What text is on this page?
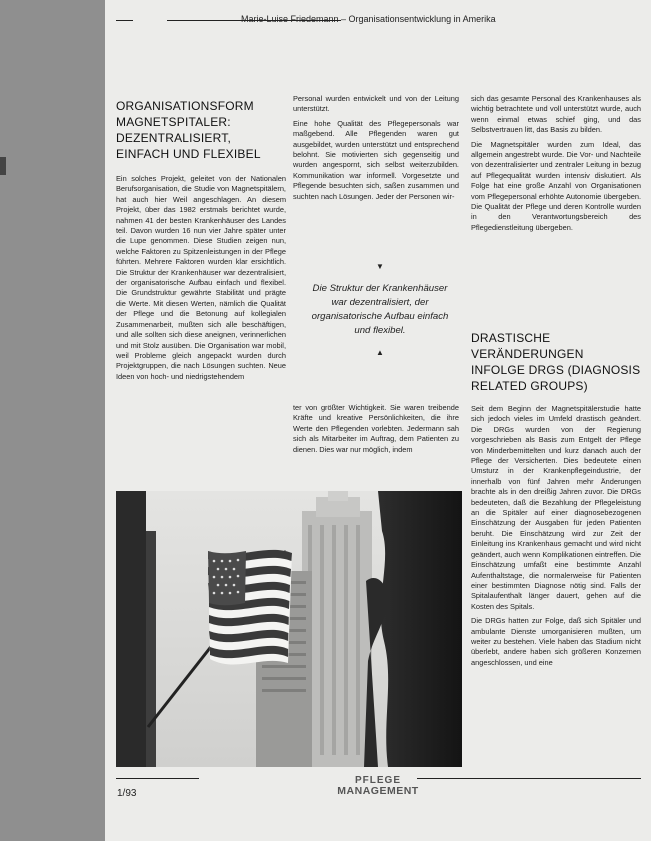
Marie-Luise Friedemann – Organisationsentwicklung in Amerika
ORGANISATIONSFORM MAGNETSPITALER: DEZENTRALISIERT, EINFACH UND FLEXIBEL

Ein solches Projekt, geleitet von der Nationalen Berufsorganisation, die Studie von Magnetspitälern, hat auch hier Weil angeschlagen. An diesem Projekt, über das 1982 erstmals berichtet wurde, nahmen 41 der besten Krankenhäuser des Landes teil. Davon wurden 16 nun vier Jahre später unter die Lupe genommen. Diese Studien zeigen nun, welche Faktoren zu Spitzenleistungen in der Pflege führten. Mehrere Faktoren wurden klar ersichtlich. Die Struktur der Krankenhäuser war dezentralisiert, der organisatorische Aufbau einfach und flexibel. Die Grundstruktur gewährte Stabilität und prägte die Werte. Mit diesen Werten, nämlich die Qualität der Pflege und die Betonung auf kollegialen Zusammenarbeit, mußten sich alle beschäftigen, und alle sollten sich diese aneignen, verinnerlichen und mit Stolz ausüben. Die Organisation war mobil, weil Probleme gleich angepackt wurden durch Projektgruppen, die nach Lösungen suchten. Neue Ideen von hoch- und niedrigstehendem

Personal wurden entwickelt und von der Leitung unterstützt.

Eine hohe Qualität des Pflegepersonals war maßgebend. Alle Pflegenden waren gut ausgebildet, wurden unterstützt und entsprechend belohnt. Sie motivierten sich gegenseitig und wurden angespornt, sich selbst weiterzubilden. Kommunikation war informell. Vorgesetzte und Pflegende besuchten sich, saßen zusammen und suchten nach Lösungen. Jeder der Personen wir-

▼
Die Struktur der Krankenhäuser war dezentralisiert, der organisatorische Aufbau einfach und flexibel.
▲

ter von größter Wichtigkeit. Sie waren treibende Kräfte und kreative Persönlichkeiten, die ihre Werte den Pflegenden vorlebten. Jedermann sah sich als Mitarbeiter im Auftrag, dem Patienten zu dienen. Dies war nur möglich, indem

sich das gesamte Personal des Krankenhauses als wichtig betrachtete und voll unterstützt wurde, auch wenn einmal etwas schief ging, und das Selbstvertrauen litt, das Basis zu bilden.

Die Magnetspitäler wurden zum Ideal, das allgemein angestrebt wurde. Die Vor- und Nachteile von dezentralisierter und zentraler Leitung in bezug auf Pflegequalität wurden intensiv diskutiert. Als Folge hat eine große Anzahl von Organisationen vom Pflegepersonal erhöhte Autonomie übergeben. Die Qualität der Pflege und deren Kontrolle wurden in den Verantwortungsbereich des Pflegedienstleitung übergeben.

DRASTISCHE VERÄNDERUNGEN INFOLGE DRGS (DIAGNOSIS RELATED GROUPS)

Seit dem Beginn der Magnetspitälerstudie hatte sich jedoch vieles im Umfeld drastisch geändert. Die DRGs wurden von der Regierung vorgeschrieben als Basis zum Entgelt der Pflege von Minderbemittelten und kurz danach auch der Pflege der Versicherten. Dies bedeutete einen Umsturz in der Krankenpflegeindustrie, der innerhalb von fünf Jahren mehr Änderungen brachte als in den dreißig Jahren zuvor. Die DRGs bedeuteten, daß die Bezahlung der Pflegeleistung an die Spitäler auf einer diagnosebezogenen Einschätzung der Ausgaben für jeden Patienten beruht. Die Einschätzung wird zur Zeit der Einleitung ins Krankenhaus gemacht und wird nicht geändert, auch wenn Komplikationen eintreffen. Die Einschätzung umfaßt eine bestimmte Anzahl Aufenthaltstage, die normalerweise für Patienten einer bestimmten Diagnose nötig sind. Falls der Spitalaufenthalt länger dauert, gehen auf die Kosten des Spitals.

Die DRGs hatten zur Folge, daß sich Spitäler und ambulante Dienste umorganisieren mußten, um weiter zu bestehen. Viele haben das Stadium nicht überlebt, andere haben sich größeren Konzernen angeschlossen, und eine

1/93
PFLEGE
MANAGEMENT
